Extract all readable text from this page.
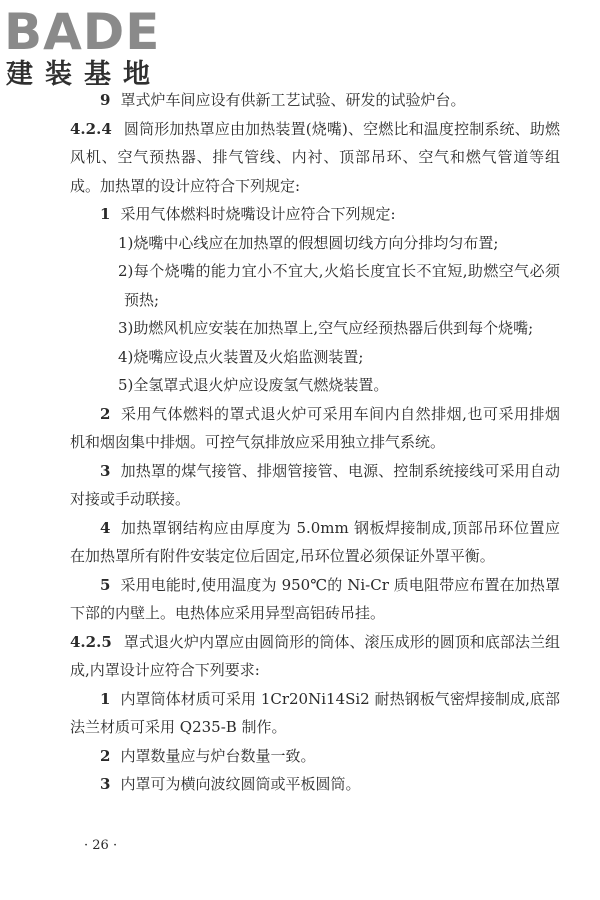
BADE
建装基地

9 罩式炉车间应设有供新工艺试验、研发的试验炉台。

4.2.4 圆筒形加热罩应由加热装置(烧嘴)、空燃比和温度控制系统、助燃风机、空气预热器、排气管线、内衬、顶部吊环、空气和燃气管道等组成。加热罩的设计应符合下列规定:

1 采用气体燃料时烧嘴设计应符合下列规定:

1)烧嘴中心线应在加热罩的假想圆切线方向分排均匀布置;

2)每个烧嘴的能力宜小不宜大,火焰长度宜长不宜短,助燃空气必须预热;

3)助燃风机应安装在加热罩上,空气应经预热器后供到每个烧嘴;

4)烧嘴应设点火装置及火焰监测装置;

5)全氢罩式退火炉应设废氢气燃烧装置。

2 采用气体燃料的罩式退火炉可采用车间内自然排烟,也可采用排烟机和烟囱集中排烟。可控气氛排放应采用独立排气系统。

3 加热罩的煤气接管、排烟管接管、电源、控制系统接线可采用自动对接或手动联接。

4 加热罩钢结构应由厚度为 5.0mm 钢板焊接制成,顶部吊环位置应在加热罩所有附件安装定位后固定,吊环位置必须保证外罩平衡。

5 采用电能时,使用温度为 950℃的 Ni-Cr 质电阻带应布置在加热罩下部的内壁上。电热体应采用异型高铝砖吊挂。

4.2.5 罩式退火炉内罩应由圆筒形的筒体、滚压成形的圆顶和底部法兰组成,内罩设计应符合下列要求:

1 内罩筒体材质可采用 1Cr20Ni14Si2 耐热钢板气密焊接制成,底部法兰材质可采用 Q235-B 制作。

2 内罩数量应与炉台数量一致。

3 内罩可为横向波纹圆筒或平板圆筒。

· 26 ·
